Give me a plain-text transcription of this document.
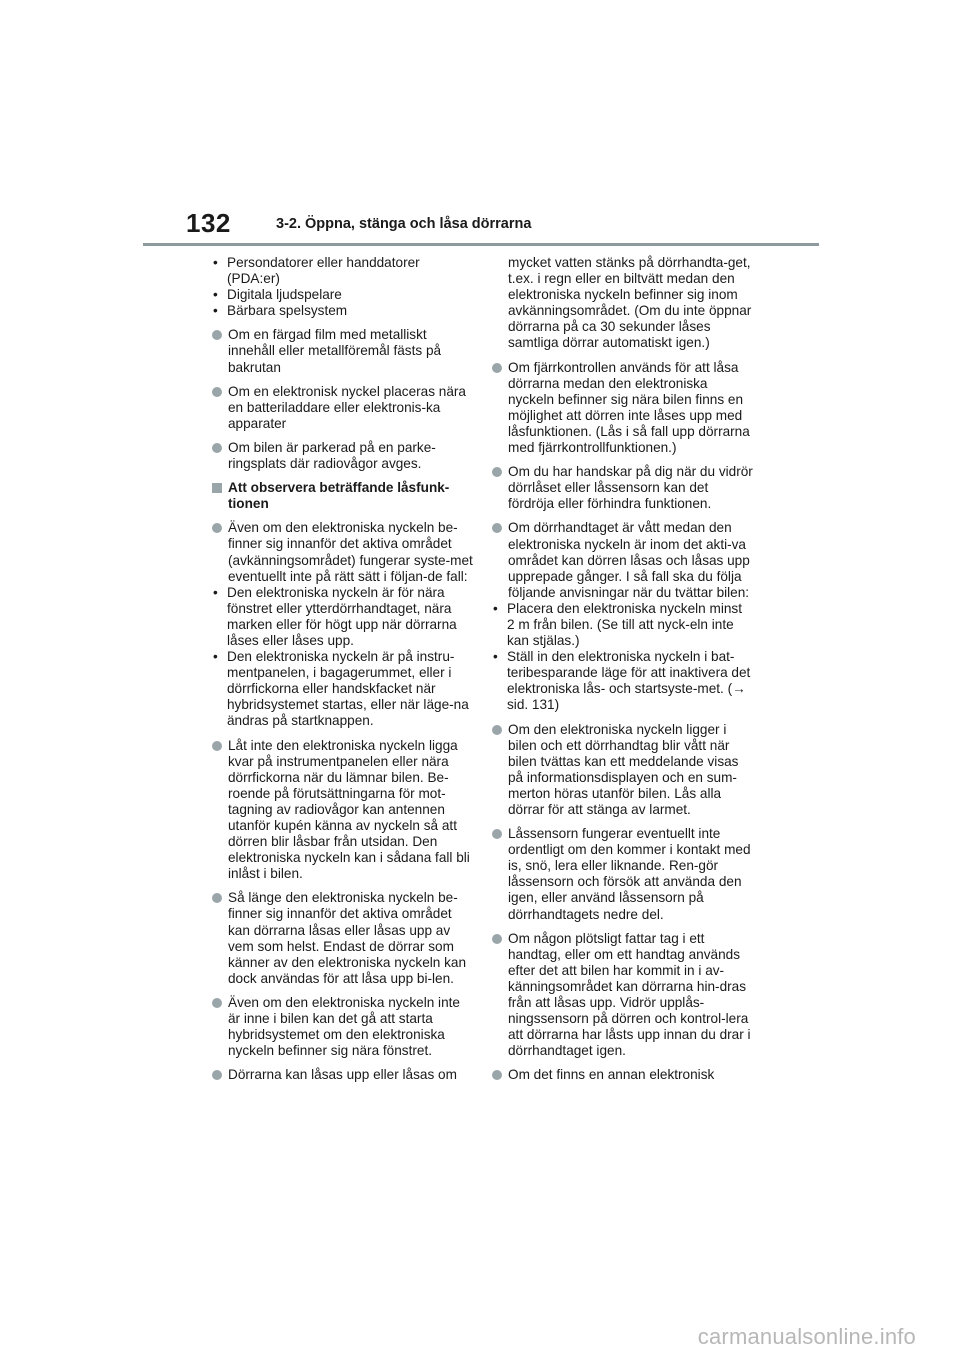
132	3-2. Öppna, stänga och låsa dörrarna
• Persondatorer eller handdatorer (PDA:er)
• Digitala ljudspelare
• Bärbara spelsystem
Om en färgad film med metalliskt innehåll eller metallföremål fästs på bakrutan
Om en elektronisk nyckel placeras nära en batteriladdare eller elektronis-ka apparater
Om bilen är parkerad på en parke-ringsplats där radiovågor avges.
Att observera beträffande låsfunk-tionen
Även om den elektroniska nyckeln be-finner sig innanför det aktiva området (avkänningsområdet) fungerar syste-met eventuellt inte på rätt sätt i följan-de fall:
• Den elektroniska nyckeln är för nära fönstret eller ytterdörrhandtaget, nära marken eller för högt upp när dörrarna låses eller låses upp.
• Den elektroniska nyckeln är på instru-mentpanelen, i bagagerummet, eller i dörrfickorna eller handskfacket när hybridsystemet startas, eller när läge-na ändras på startknappen.
Låt inte den elektroniska nyckeln ligga kvar på instrumentpanelen eller nära dörrfickorna när du lämnar bilen. Be-roende på förutsättningarna för mot-tagning av radiovågor kan antennen utanför kupén känna av nyckeln så att dörren blir låsbar från utsidan. Den elektroniska nyckeln kan i sådana fall bli inlåst i bilen.
Så länge den elektroniska nyckeln be-finner sig innanför det aktiva området kan dörrarna låsas eller låsas upp av vem som helst. Endast de dörrar som känner av den elektroniska nyckeln kan dock användas för att låsa upp bi-len.
Även om den elektroniska nyckeln inte är inne i bilen kan det gå att starta hybridsystemet om den elektroniska nyckeln befinner sig nära fönstret.
Dörrarna kan låsas upp eller låsas om
mycket vatten stänks på dörrhandta-get, t.ex. i regn eller en biltvätt medan den elektroniska nyckeln befinner sig inom avkänningsområdet. (Om du inte öppnar dörrarna på ca 30 sekunder låses samtliga dörrar automatiskt igen.)
Om fjärrkontrollen används för att låsa dörrarna medan den elektroniska nyckeln befinner sig nära bilen finns en möjlighet att dörren inte låses upp med låsfunktionen. (Lås i så fall upp dörrarna med fjärrkontrollfunktionen.)
Om du har handskar på dig när du vidrör dörrlåset eller låssensorn kan det fördröja eller förhindra funktionen.
Om dörrhandtaget är vått medan den elektroniska nyckeln är inom det akti-va området kan dörren låsas och låsas upp upprepade gånger. I så fall ska du följa följande anvisningar när du tvättar bilen:
• Placera den elektroniska nyckeln minst 2 m från bilen. (Se till att nyck-eln inte kan stjälas.)
• Ställ in den elektroniska nyckeln i bat-teribesparande läge för att inaktivera det elektroniska lås- och startsyste-met. (→ sid. 131)
Om den elektroniska nyckeln ligger i bilen och ett dörrhandtag blir vått när bilen tvättas kan ett meddelande visas på informationsdisplayen och en sum-merton höras utanför bilen. Lås alla dörrar för att stänga av larmet.
Låssensorn fungerar eventuellt inte ordentligt om den kommer i kontakt med is, snö, lera eller liknande. Ren-gör låssensorn och försök att använda den igen, eller använd låssensorn på dörrhandtagets nedre del.
Om någon plötsligt fattar tag i ett handtag, eller om ett handtag används efter det att bilen har kommit in i av-känningsområdet kan dörrarna hin-dras från att låsas upp. Vidrör upplås-ningssensorn på dörren och kontrol-lera att dörrarna har låsts upp innan du drar i dörrhandtaget igen.
Om det finns en annan elektronisk
carmanualsonline.info
